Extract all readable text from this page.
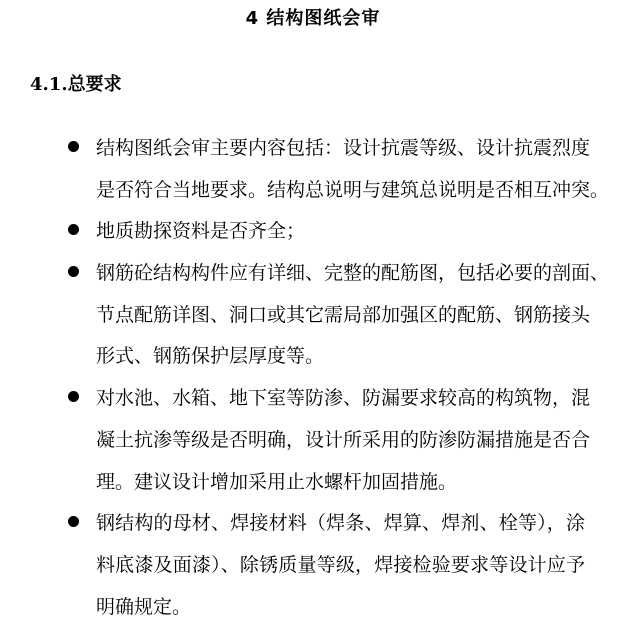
4 结构图纸会审
4.1.总要求
结构图纸会审主要内容包括：设计抗震等级、设计抗震烈度
是否符合当地要求。结构总说明与建筑总说明是否相互冲突。
地质勘探资料是否齐全；
钢筋砼结构构件应有详细、完整的配筋图，包括必要的剖面、
节点配筋详图、洞口或其它需局部加强区的配筋、钢筋接头
形式、钢筋保护层厚度等。
对水池、水箱、地下室等防渗、防漏要求较高的构筑物，混
凝土抗渗等级是否明确，设计所采用的防渗防漏措施是否合
理。建议设计增加采用止水螺杆加固措施。
钢结构的母材、焊接材料（焊条、焊算、焊剂、栓等），涂
料底漆及面漆）、除锈质量等级，焊接检验要求等设计应予
明确规定。
